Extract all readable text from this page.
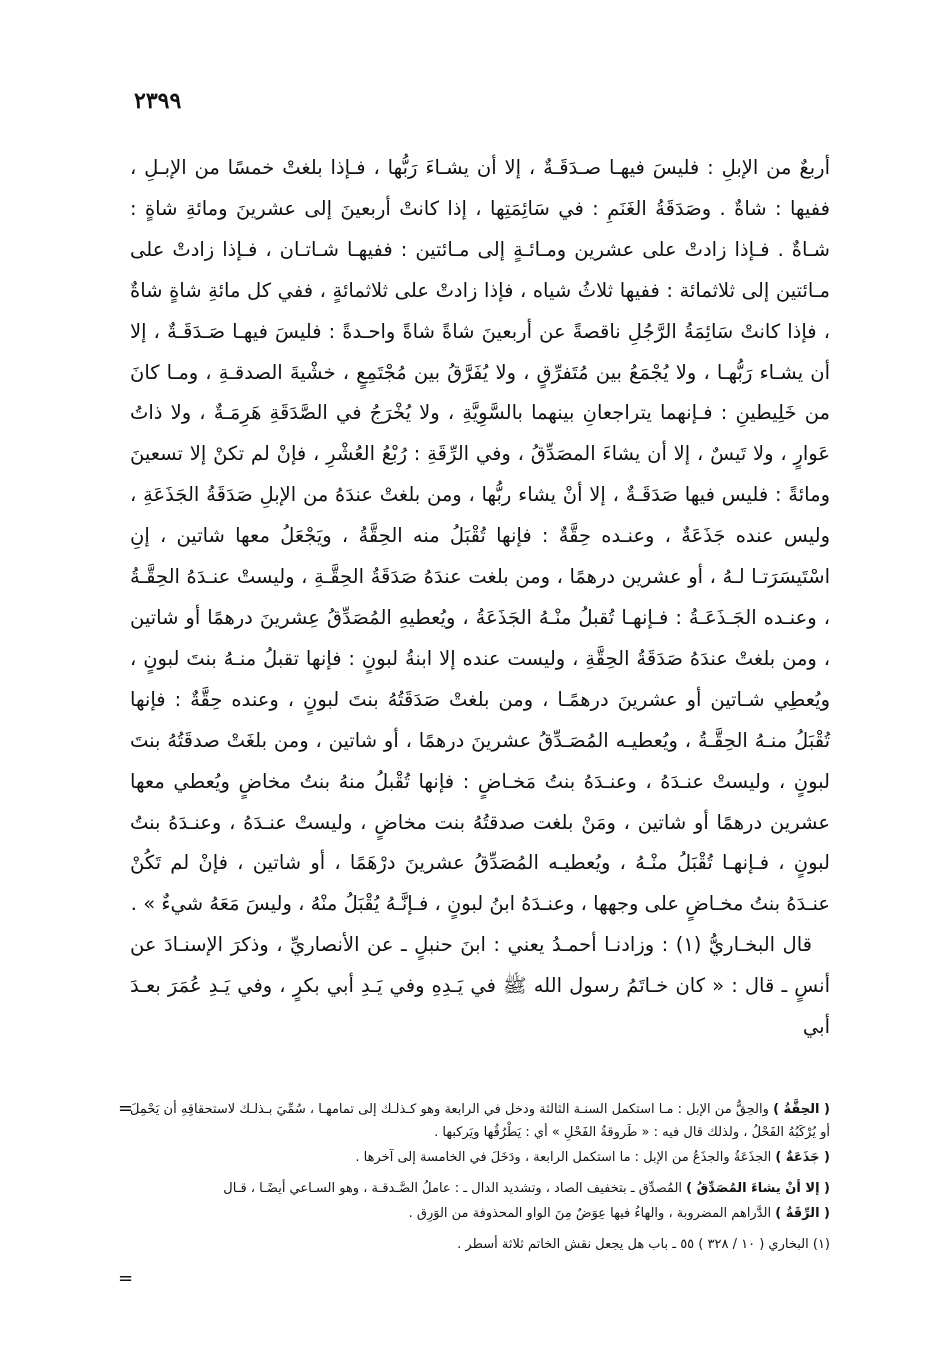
٢٣٩٩

أربعٌ من الإبلِ : فليسَ فيهـا صـدَقَـةٌ ، إلا أن يشـاءَ رَبُّها ، فـإذا بلغتْ خمسًا من الإبـلِ ، ففيها : شاةٌ . وصَدَقَةُ الغَنَمِ : في سَائِمَتِها ، إذا كانتْ أربعينَ إلى عشرينَ ومائةِ شاةٍ : شـاةٌ . فـإذا زادتْ على عشرين ومـائـةٍ إلى مـائتين : ففيهـا شـاتـان ، فـإذا زادتْ على مـائتين إلى ثلاثمائة : ففيها ثلاثُ شياه ، فإذا زادتْ على ثلاثمائةٍ ، ففي كل مائةِ شاةٍ شاةٌ ، فإذا كانتْ سَائِمَةُ الرَّجُلِ ناقصةً عن أربعينَ شاةً شاةً واحـدةً : فليسَ فيهـا صَـدَقَـةٌ ، إلا أن يشـاء رَبُّهـا ، ولا يُجْمَعُ بين مُتَفرِّقٍ ، ولا يُفَرَّقُ بين مُجْتَمِعٍ ، خشْيةَ الصدقـةِ ، ومـا كانَ من خَلِيطينِ : فـإنهما يتراجعانِ بينهما بالسَّوِيَّةِ ، ولا يُخْرَجُ في الصَّدَقَةِ هَرِمَـةٌ ، ولا ذاتُ عَوارٍ ، ولا تَيسٌ ، إلا أن يشاءَ المصَدِّقُ ، وفي الرِّقَةِ : رُبْعُ العُشْرِ ، فإنْ لم تكنْ إلا تسعينَ ومائةً : فليس فيها صَدَقَـةٌ ، إلا أنْ يشاء ربُّها ، ومن بلغتْ عندَهُ من الإبلِ صَدَقَةُ الجَذَعَةِ ، وليس عنده جَذَعَةٌ ، وعنـده حِقَّةٌ : فإنها تُقْبَلُ منه الحِقَّةُ ، ويَجْعَلُ معها شاتين ، إنِ اسْتَيسَرَتـا لـهُ ، أو عشرين درهمًا ، ومن بلغت عندَهُ صَدَقَةُ الحِقَّـةِ ، وليستْ عنـدَهُ الحِقَّـةُ ، وعنـده الجَـذَعَـةُ : فـإنهـا تُقبلُ منْـهُ الجَذَعَةُ ، ويُعطيهِ المُصَدِّقُ عِشرينَ درهمًا أو شاتين ، ومن بلغتْ عندَهُ صَدَقَةُ الحِقَّةِ ، وليست عنده إلا ابنةُ لبونٍ : فإنها تقبلُ منـهُ بنتَ لبونٍ ، ويُعطِي شـاتين أو عشرينَ درهمًـا ، ومن بلغتْ صَدَقَتُهُ بنتَ لبونٍ ، وعنده حِقَّةٌ : فإنها تُقْبَلُ منـهُ الحِقَّـةُ ، ويُعطيـه المُصَـدِّقُ عشرينَ درهمًا ، أو شاتين ، ومن بلغَتْ صدقَتُهُ بنتَ لبونٍ ، وليستْ عنـدَهُ ، وعنـدَهُ بنتُ مَخـاضٍ : فإنها تُقْبلُ منهُ بنتُ مخاضٍ ويُعطي معها عشرين درهمًا أو شاتين ، ومَنْ بلغت صدقتُهُ بنت مخاضٍ ، وليستْ عنـدَهُ ، وعنـدَهُ بنتُ لبونٍ ، فـإنهـا تُقْبَلُ منْـهُ ، ويُعطيـه المُصَدِّقُ عشرينَ درْهَمًا ، أو شاتين ، فإنْ لم تَكُنْ عنـدَهُ بنتُ مخـاضٍ على وجهها ، وعنـدَهُ ابنُ لبونٍ ، فـإنَّـهُ يُقْبَلُ منْهُ ، وليسَ مَعَهُ شيءٌ » .

قال البخـاريُّ (١) : وزادنـا أحمـدُ يعني : ابنَ حنبلٍ ـ عن الأنصاريِّ ، وذكرَ الإسنـادَ عن أنسٍ ـ قال : « كان خـاتَمُ رسول الله ﷺ في يَـدِهِ وفي يَـدِ أبي بكرٍ ، وفي يَـدِ عُمَرَ بعـدَ أبي

=	( الحِقَّةُ ) والحِقُّ من الإبل : مـا استكمل السنـة الثالثة ودخل في الرابعة وهو كـذلـك إلى تمامهـا ، سُمِّيَ بـذلـك لاستحقاقِهِ أن يَحْمِلَ أو يُرْكَبُهُ الفَحْلُ ، ولذلك قال فيه : « طَروقةُ الفَحْلِ » أي : يَطْرُقُها ويَركبها .

( جَذَعَةٌ ) الجذَعَةُ والجذَعُ من الإبل : ما استكمل الرابعة ، ودَخَلَ في الخامسة إلى آخرها .

( إلا أنْ يشاءَ المُصَدِّقُ ) المُصدِّق ـ بتخفيف الصاد ، وتشديد الدال ـ : عاملُ الصَّـدقـة ، وهو السـاعي أيضًـا ، قـال

( الرِّقَةُ ) الدَّراهم المضروبة ، والهاءُ فيها عِوَضٌ مِنَ الواو المحذوفة من الوَرِق .

(١) البخاري ( ١٠ / ٣٢٨ ) ٥٥ ـ باب هل يجعل نقش الخاتم ثلاثة أسطر .
=
